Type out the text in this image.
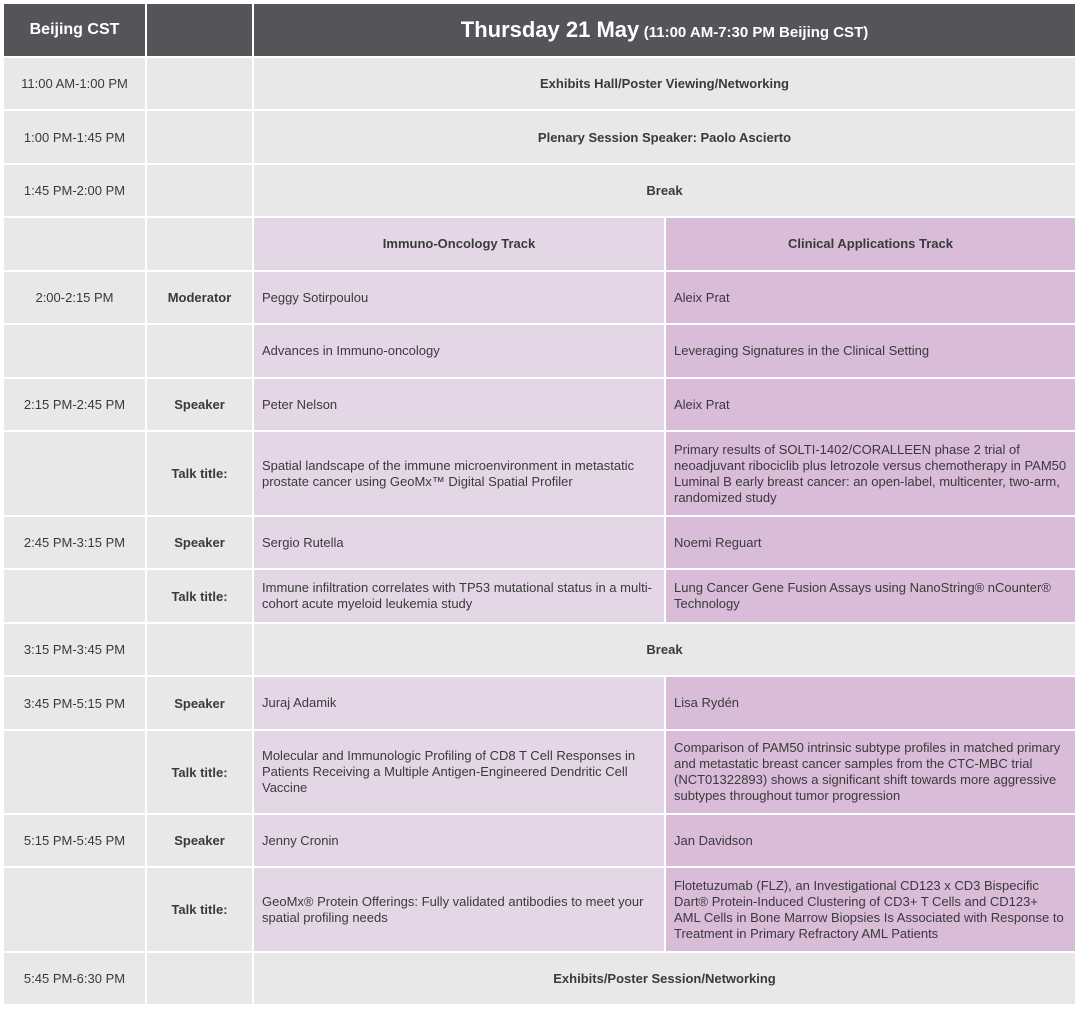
Beijing CST		Thursday 21 May (11:00 AM-7:30 PM Beijing CST)	
11:00 AM-1:00 PM		Exhibits Hall/Poster Viewing/Networking	
1:00 PM-1:45 PM		Plenary Session Speaker: Paolo Ascierto	
1:45 PM-2:00 PM		Break	
		Immuno-Oncology Track	Clinical Applications Track
2:00-2:15 PM	Moderator	Peggy Sotirpoulou	Aleix Prat
		Advances in Immuno-oncology	Leveraging Signatures in the Clinical Setting
2:15 PM-2:45 PM	Speaker	Peter Nelson	Aleix Prat
	Talk title:	Spatial landscape of the immune microenvironment in metastatic prostate cancer using GeoMx™ Digital Spatial Profiler	Primary results of SOLTI-1402/CORALLEEN phase 2 trial of neoadjuvant ribociclib plus letrozole versus chemotherapy in PAM50 Luminal B early breast cancer: an open-label, multicenter, two-arm, randomized study
2:45 PM-3:15 PM	Speaker	Sergio Rutella	Noemi Reguart
	Talk title:	Immune infiltration correlates with TP53 mutational status in a multi-cohort acute myeloid leukemia study	Lung Cancer Gene Fusion Assays using NanoString® nCounter® Technology
3:15 PM-3:45 PM		Break	
3:45 PM-5:15 PM	Speaker	Juraj Adamik	Lisa Rydén
	Talk title:	Molecular and Immunologic Profiling of CD8 T Cell Responses in Patients Receiving a Multiple Antigen-Engineered Dendritic Cell Vaccine	Comparison of PAM50 intrinsic subtype profiles in matched primary and metastatic breast cancer samples from the CTC-MBC trial (NCT01322893) shows a significant shift towards more aggressive subtypes throughout tumor progression
5:15 PM-5:45 PM	Speaker	Jenny Cronin	Jan Davidson
	Talk title:	GeoMx® Protein Offerings: Fully validated antibodies to meet your spatial profiling needs	Flotetuzumab (FLZ), an Investigational CD123 x CD3 Bispecific Dart® Protein-Induced Clustering of CD3+ T Cells and CD123+ AML Cells in Bone Marrow Biopsies Is Associated with Response to Treatment in Primary Refractory AML Patients
5:45 PM-6:30 PM		Exhibits/Poster Session/Networking	
